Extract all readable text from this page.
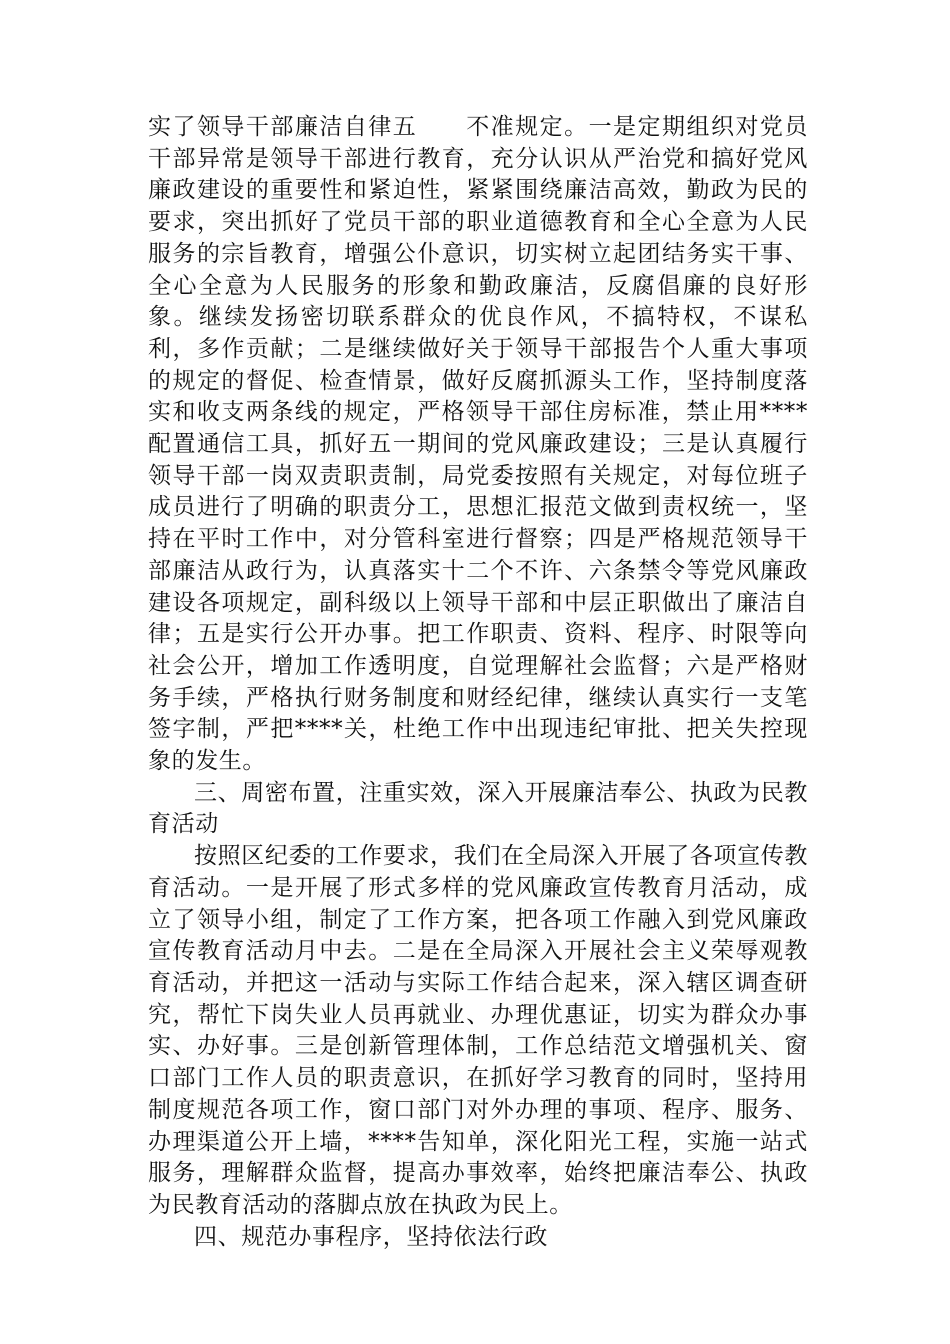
实了领导干部廉洁自律五　　不准规定。一是定期组织对党员干部异常是领导干部进行教育，充分认识从严治党和搞好党风廉政建设的重要性和紧迫性，紧紧围绕廉洁高效，勤政为民的要求，突出抓好了党员干部的职业道德教育和全心全意为人民服务的宗旨教育，增强公仆意识，切实树立起团结务实干事、全心全意为人民服务的形象和勤政廉洁，反腐倡廉的良好形象。继续发扬密切联系群众的优良作风，不搞特权，不谋私利，多作贡献；二是继续做好关于领导干部报告个人重大事项的规定的督促、检查情景，做好反腐抓源头工作，坚持制度落实和收支两条线的规定，严格领导干部住房标准，禁止用****配置通信工具，抓好五一期间的党风廉政建设；三是认真履行领导干部一岗双责职责制，局党委按照有关规定，对每位班子成员进行了明确的职责分工，思想汇报范文做到责权统一，坚持在平时工作中，对分管科室进行督察；四是严格规范领导干部廉洁从政行为，认真落实十二个不许、六条禁令等党风廉政建设各项规定，副科级以上领导干部和中层正职做出了廉洁自律；五是实行公开办事。把工作职责、资料、程序、时限等向社会公开，增加工作透明度，自觉理解社会监督；六是严格财务手续，严格执行财务制度和财经纪律，继续认真实行一支笔签字制，严把****关，杜绝工作中出现违纪审批、把关失控现象的发生。

三、周密布置，注重实效，深入开展廉洁奉公、执政为民教育活动

按照区纪委的工作要求，我们在全局深入开展了各项宣传教育活动。一是开展了形式多样的党风廉政宣传教育月活动，成立了领导小组，制定了工作方案，把各项工作融入到党风廉政宣传教育活动月中去。二是在全局深入开展社会主义荣辱观教育活动，并把这一活动与实际工作结合起来，深入辖区调查研究，帮忙下岗失业人员再就业、办理优惠证，切实为群众办事实、办好事。三是创新管理体制，工作总结范文增强机关、窗口部门工作人员的职责意识，在抓好学习教育的同时，坚持用制度规范各项工作，窗口部门对外办理的事项、程序、服务、办理渠道公开上墙，****告知单，深化阳光工程，实施一站式服务，理解群众监督，提高办事效率，始终把廉洁奉公、执政为民教育活动的落脚点放在执政为民上。

四、规范办事程序，坚持依法行政
